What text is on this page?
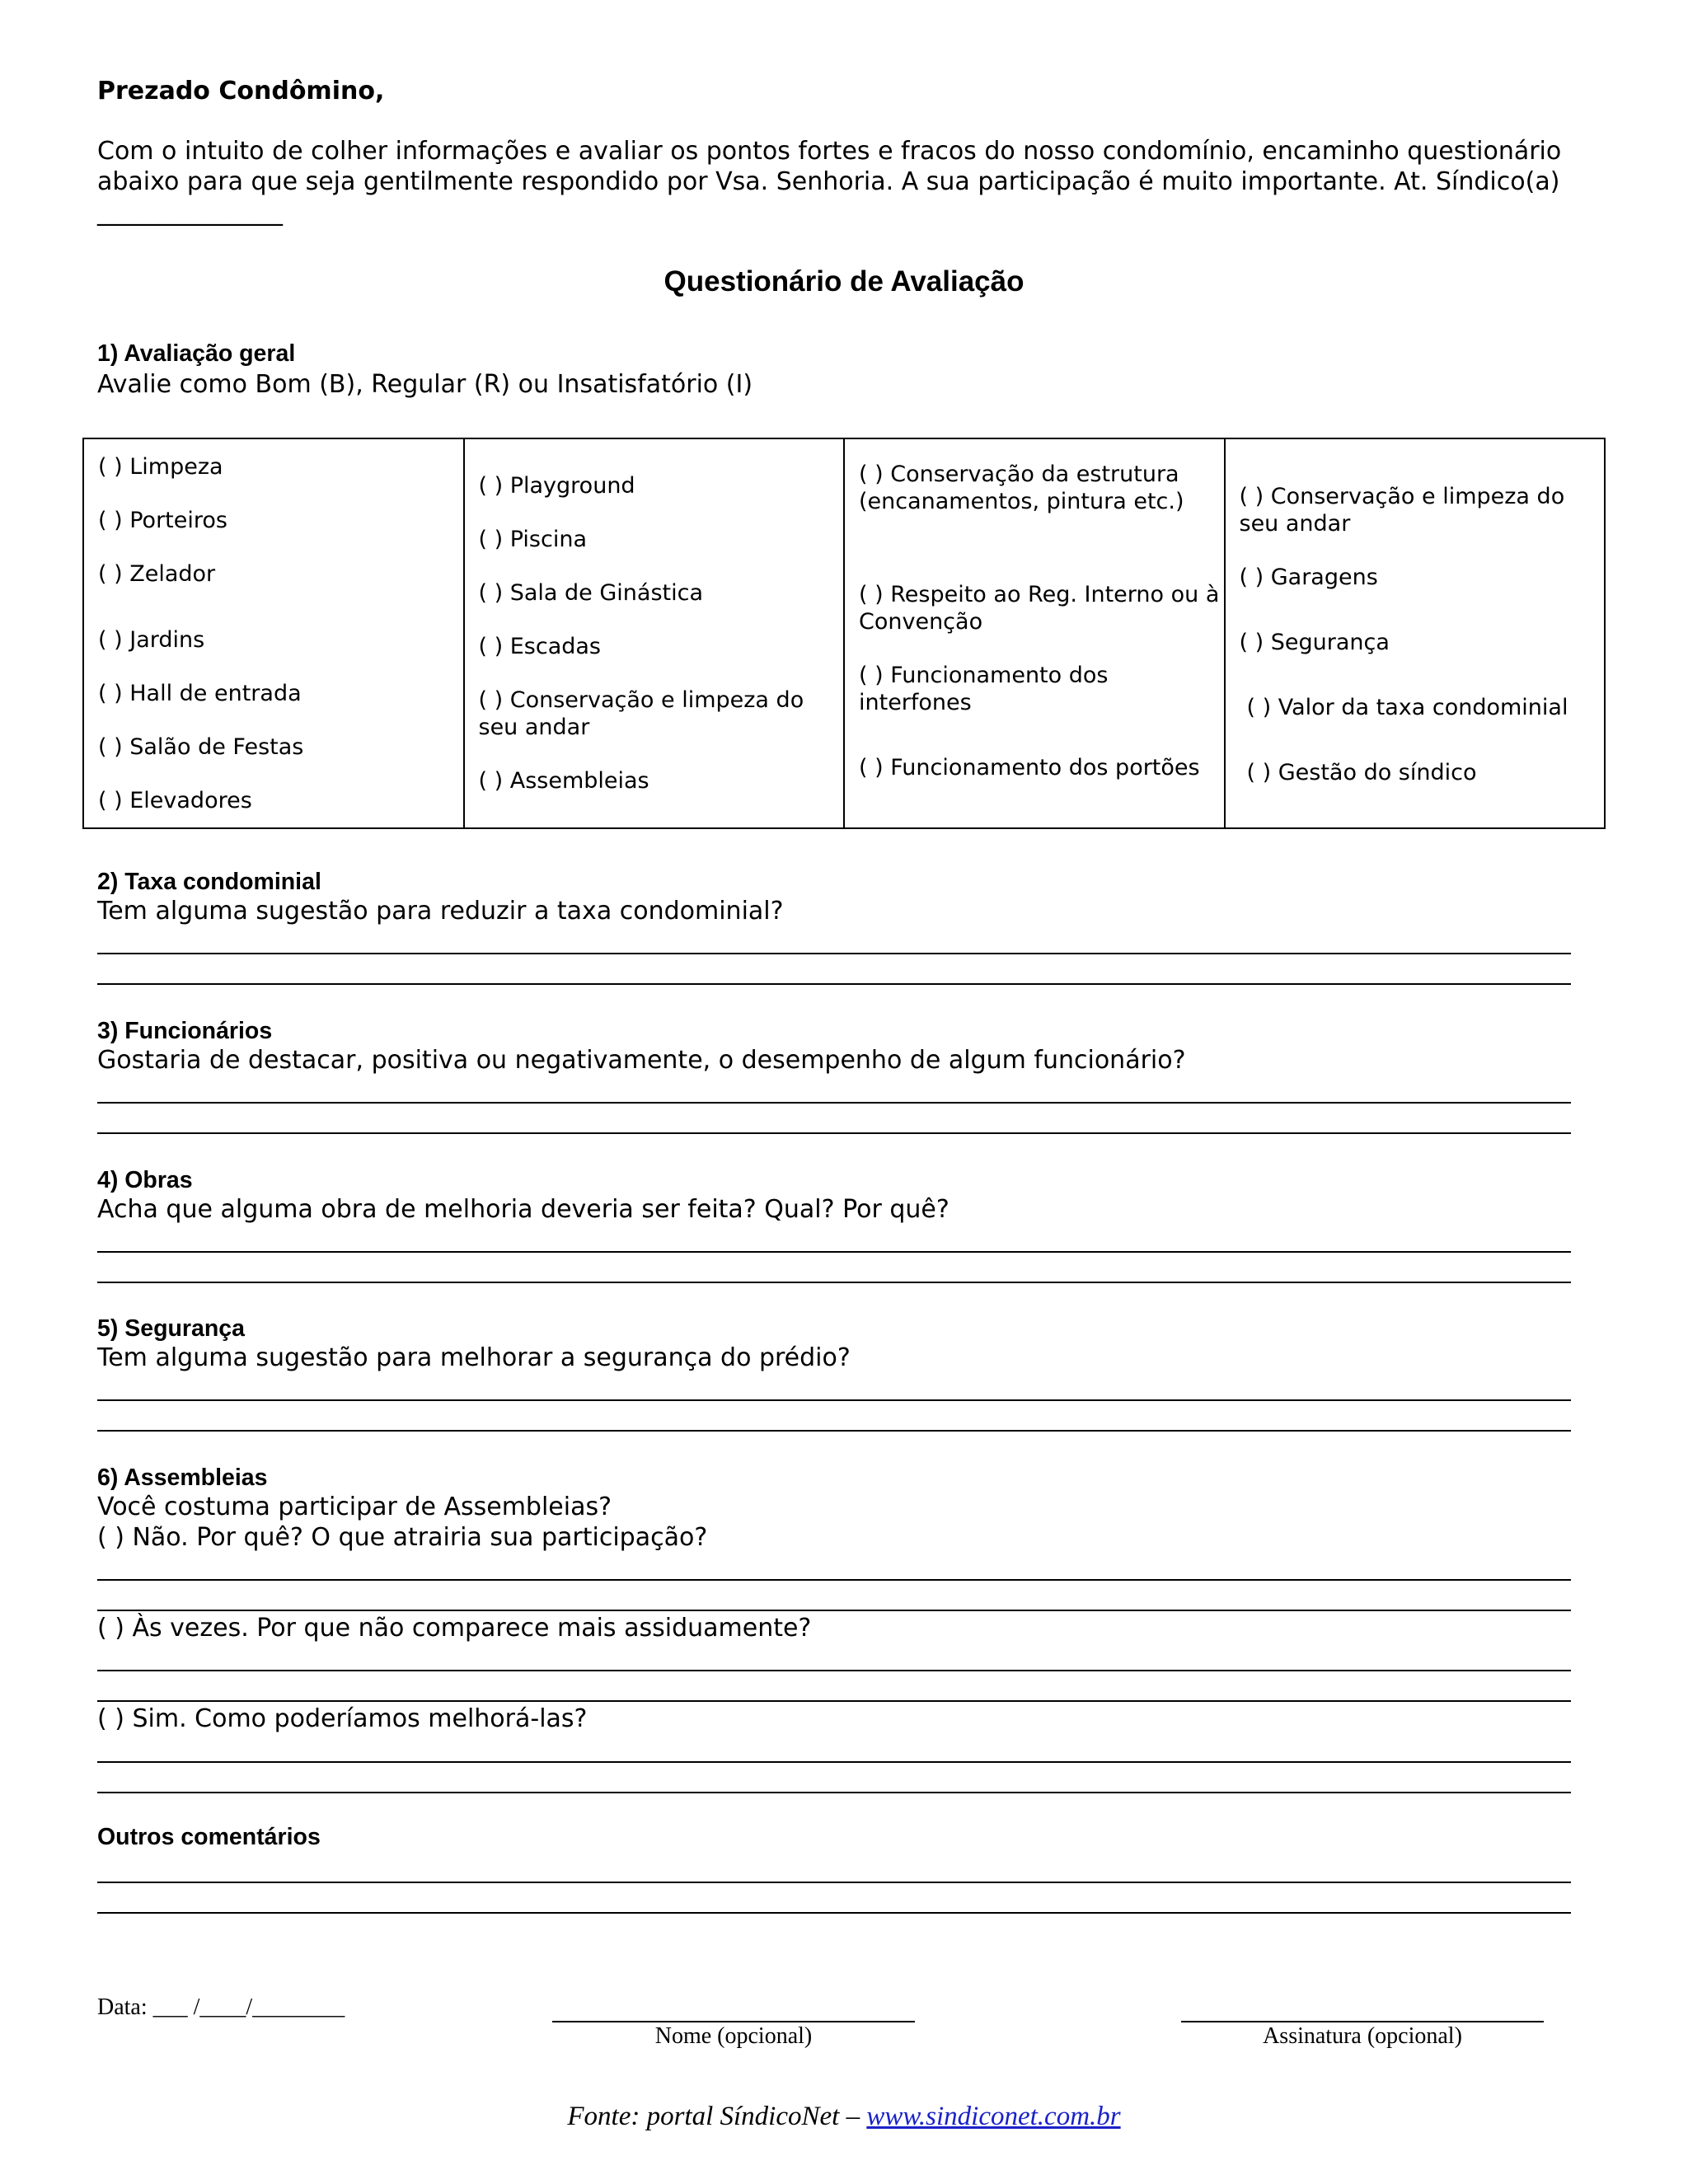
Prezado Condômino,
Com o intuito de colher informações e avaliar os pontos fortes e fracos do nosso condomínio, encaminho questionário abaixo para que seja gentilmente respondido por Vsa. Senhoria. A sua participação é muito importante. At. Síndico(a) _______________
Questionário de Avaliação
1) Avaliação geral
Avalie como Bom (B), Regular (R) ou Insatisfatório (I)
( ) Limpeza
( ) Porteiros
( ) Zelador
( ) Jardins
( ) Hall de entrada
( ) Salão de Festas
( ) Elevadores
( ) Playground
( ) Piscina
( ) Sala de Ginástica
( ) Escadas
( ) Conservação e limpeza do seu andar
( ) Assembleias
( ) Conservação da estrutura (encanamentos, pintura etc.)
( ) Respeito ao Reg. Interno ou à Convenção
( ) Funcionamento dos interfones
( ) Funcionamento dos portões
( ) Conservação e limpeza do seu andar
( ) Garagens
( ) Segurança
( ) Valor da taxa condominial
( ) Gestão do síndico
2) Taxa condominial
Tem alguma sugestão para reduzir a taxa condominial?
3) Funcionários
Gostaria de destacar, positiva ou negativamente, o desempenho de algum funcionário?
4) Obras
Acha que alguma obra de melhoria deveria ser feita? Qual? Por quê?
5) Segurança
Tem alguma sugestão para melhorar a segurança do prédio?
6) Assembleias
Você costuma participar de Assembleias?
( ) Não. Por quê? O que atrairia sua participação?
( ) Às vezes. Por que não comparece mais assiduamente?
( ) Sim. Como poderíamos melhorá-las?
Outros comentários
Data: ___ /____/________
Nome (opcional)	Assinatura (opcional)
Fonte: portal SíndicoNet – www.sindiconet.com.br
